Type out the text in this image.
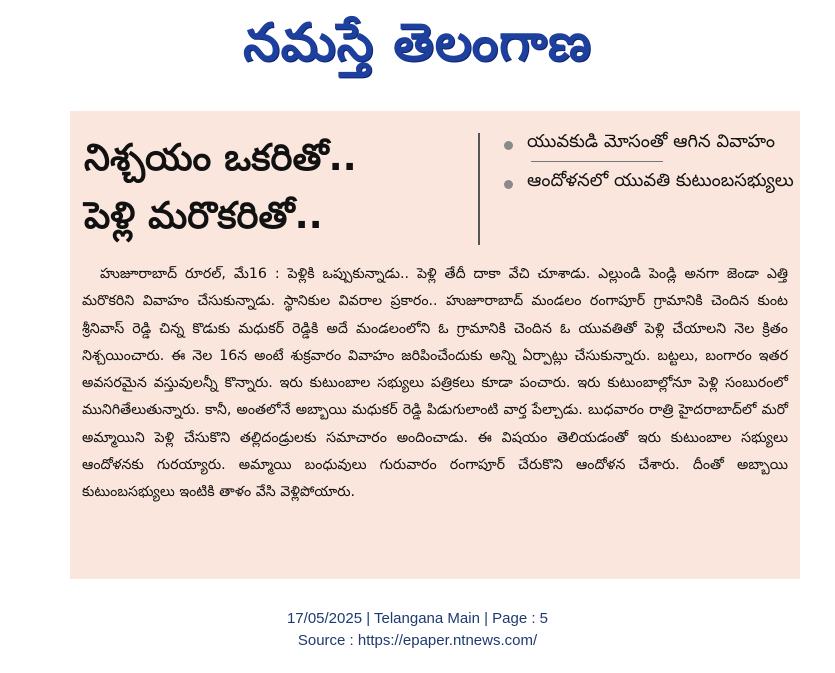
నమస్తే తెలంగాణ
నిశ్చయం ఒకరితో..
పెళ్లి మరొకరితో..
యువకుడి మోసంతో ఆగిన వివాహం
ఆందోళనలో యువతి కుటుంబసభ్యులు
హుజూరాబాద్ రూరల్, మే16 : పెళ్లికి ఒప్పుకున్నాడు.. పెళ్లి తేదీ దాకా వేచి చూశాడు. ఎల్లుండి పెండ్లి అనగా జెండా ఎత్తి మరొకరిని వివాహం చేసుకున్నాడు. స్థానికుల వివరాల ప్రకారం.. హుజూరాబాద్ మండలం రంగాపూర్ గ్రామానికి చెందిన కుంట శ్రీనివాస్ రెడ్డి చిన్న కొడుకు మధుకర్ రెడ్డికి అదే మండలంలోని ఓ గ్రామానికి చెందిన ఓ యువతితో పెళ్లి చేయాలని నెల క్రితం నిశ్చయించారు. ఈ నెల 16న అంటే శుక్రవారం వివాహం జరిపించేందుకు అన్ని ఏర్పాట్లు చేసుకున్నారు. బట్టలు, బంగారం ఇతర అవసరమైన వస్తువులన్నీ కొన్నారు. ఇరు కుటుంబాల సభ్యులు పత్రికలు కూడా పంచారు. ఇరు కుటుంబాల్లోనూ పెళ్లి సంబురంలో మునిగితేలుతున్నారు. కానీ, అంతలోనే అబ్బాయి మధుకర్ రెడ్డి పిడుగులాంటి వార్త పేల్చాడు. బుధవారం రాత్రి హైదరాబాద్‌లో మరో అమ్మాయిని పెళ్లి చేసుకొని తల్లిదండ్రులకు సమాచారం అందించాడు. ఈ విషయం తెలియడంతో ఇరు కుటుంబాల సభ్యులు ఆందోళనకు గురయ్యారు. అమ్మాయి బంధువులు గురువారం రంగాపూర్ చేరుకొని ఆందోళన చేశారు. దీంతో అబ్బాయి కుటుంబసభ్యులు ఇంటికి తాళం వేసి వెళ్లిపోయారు.
17/05/2025 | Telangana Main | Page : 5
Source : https://epaper.ntnews.com/
